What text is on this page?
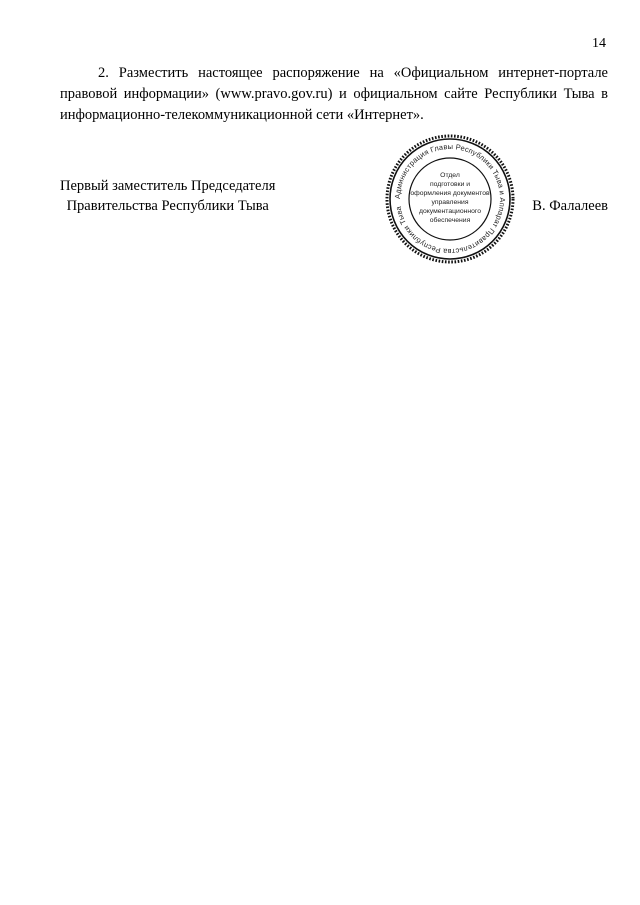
14

2. Разместить настоящее распоряжение на «Официальном интернет-портале правовой информации» (www.pravo.gov.ru) и официальном сайте Республики Тыва в информационно-телекоммуникационной сети «Интернет».

Первый заместитель Председателя
Правительства Республики Тыва	В. Фалалеев
Администрация Главы Республики Тыва и Аппарат Правительства Республики Тыва
Отдел
подготовки и
оформления документов
управления
документационного
обеспечения
